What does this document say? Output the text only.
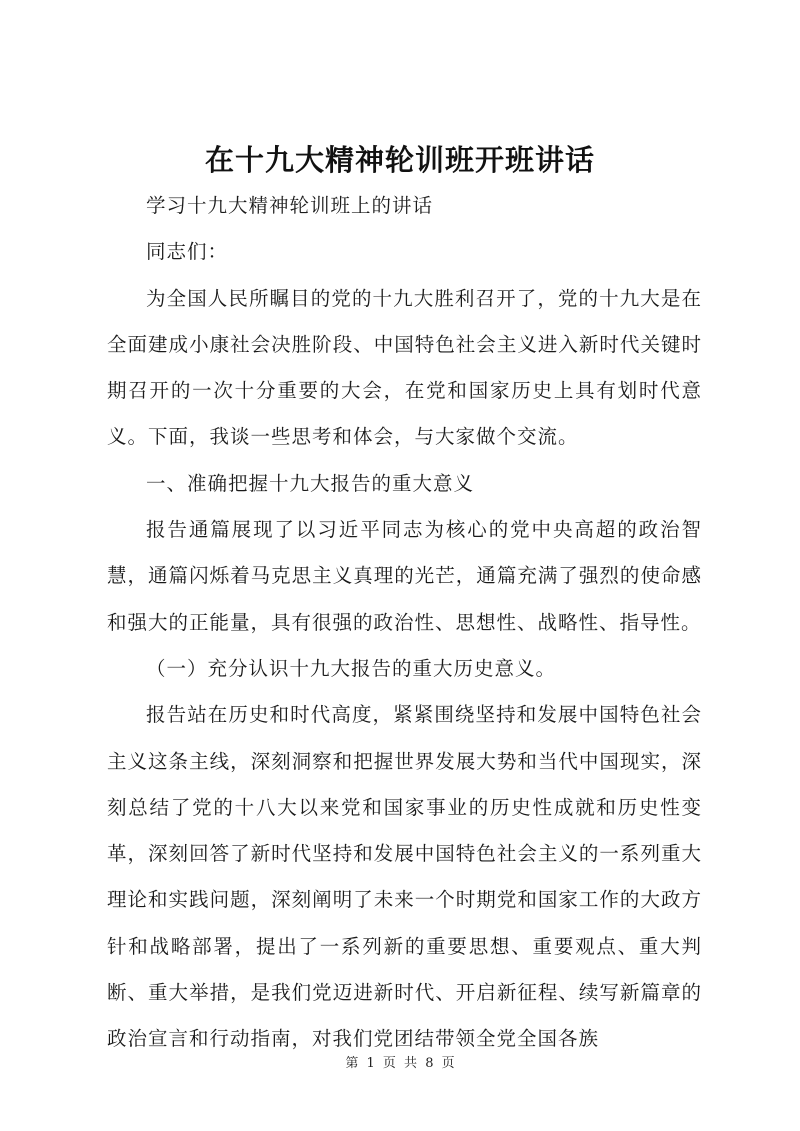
在十九大精神轮训班开班讲话

学习十九大精神轮训班上的讲话

同志们：

为全国人民所瞩目的党的十九大胜利召开了，党的十九大是在全面建成小康社会决胜阶段、中国特色社会主义进入新时代关键时期召开的一次十分重要的大会，在党和国家历史上具有划时代意义。下面，我谈一些思考和体会，与大家做个交流。

一、准确把握十九大报告的重大意义

报告通篇展现了以习近平同志为核心的党中央高超的政治智慧，通篇闪烁着马克思主义真理的光芒，通篇充满了强烈的使命感和强大的正能量，具有很强的政治性、思想性、战略性、指导性。

（一）充分认识十九大报告的重大历史意义。

报告站在历史和时代高度，紧紧围绕坚持和发展中国特色社会主义这条主线，深刻洞察和把握世界发展大势和当代中国现实，深刻总结了党的十八大以来党和国家事业的历史性成就和历史性变革，深刻回答了新时代坚持和发展中国特色社会主义的一系列重大理论和实践问题，深刻阐明了未来一个时期党和国家工作的大政方针和战略部署，提出了一系列新的重要思想、重要观点、重大判断、重大举措，是我们党迈进新时代、开启新征程、续写新篇章的政治宣言和行动指南，对我们党团结带领全党全国各族

第 1 页 共 8 页
